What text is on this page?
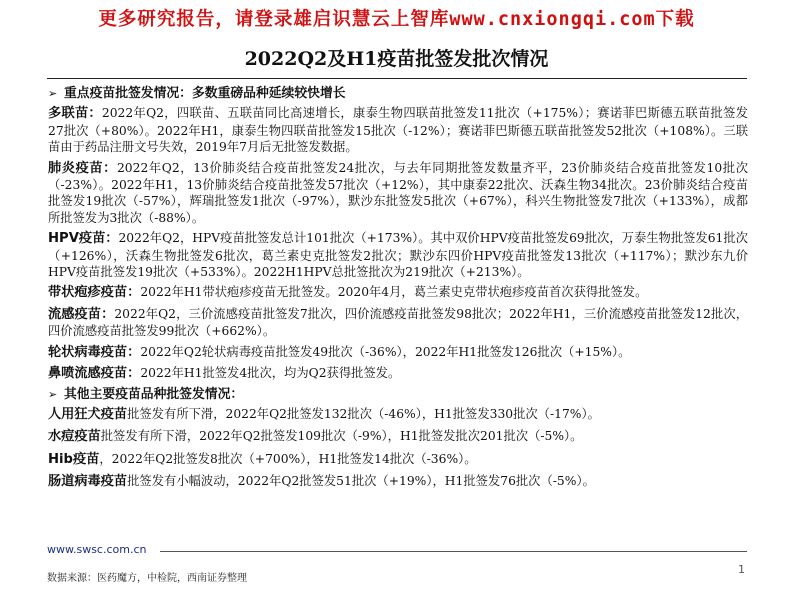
更多研究报告，请登录雄启识慧云上智库www.cnxiongqi.com下载
2022Q2及H1疫苗批签发批次情况
➢ 重点疫苗批签发情况：多数重磅品种延续较快增长

多联苗：2022年Q2，四联苗、五联苗同比高速增长，康泰生物四联苗批签发11批次（+175%）；赛诺菲巴斯德五联苗批签发27批次（+80%）。2022年H1，康泰生物四联苗批签发15批次（-12%）；赛诺菲巴斯德五联苗批签发52批次（+108%）。三联苗由于药品注册文号失效，2019年7月后无批签发数据。

肺炎疫苗：2022年Q2，13价肺炎结合疫苗批签发24批次，与去年同期批签发数量齐平，23价肺炎结合疫苗批签发10批次（-23%）。2022年H1，13价肺炎结合疫苗批签发57批次（+12%），其中康泰22批次、沃森生物34批次。23价肺炎结合疫苗批签发19批次（-57%），辉瑞批签发1批次（-97%），默沙东批签发5批次（+67%），科兴生物批签发7批次（+133%），成都所批签发为3批次（-88%）。

HPV疫苗：2022年Q2，HPV疫苗批签发总计101批次（+173%）。其中双价HPV疫苗批签发69批次，万泰生物批签发61批次（+126%），沃森生物批签发6批次，葛兰素史克批签发2批次；默沙东四价HPV疫苗批签发13批次（+117%）；默沙东九价HPV疫苗批签发19批次（+533%）。2022H1HPV总批签批次为219批次（+213%）。

带状疱疹疫苗：2022年H1带状疱疹疫苗无批签发。2020年4月，葛兰素史克带状疱疹疫苗首次获得批签发。

流感疫苗：2022年Q2，三价流感疫苗批签发7批次，四价流感疫苗批签发98批次；2022年H1，三价流感疫苗批签发12批次，四价流感疫苗批签发99批次（+662%）。

轮状病毒疫苗：2022年Q2轮状病毒疫苗批签发49批次（-36%），2022年H1批签发126批次（+15%）。

鼻喷流感疫苗：2022年H1批签发4批次，均为Q2获得批签发。

➢ 其他主要疫苗品种批签发情况：

人用狂犬疫苗批签发有所下滑，2022年Q2批签发132批次（-46%），H1批签发330批次（-17%）。

水痘疫苗批签发有所下滑，2022年Q2批签发109批次（-9%），H1批签发批次201批次（-5%）。

Hib疫苗，2022年Q2批签发8批次（+700%），H1批签发14批次（-36%）。

肠道病毒疫苗批签发有小幅波动，2022年Q2批签发51批次（+19%），H1批签发76批次（-5%）。

www.swsc.com.cn
数据来源：医药魔方，中检院，西南证券整理
1
